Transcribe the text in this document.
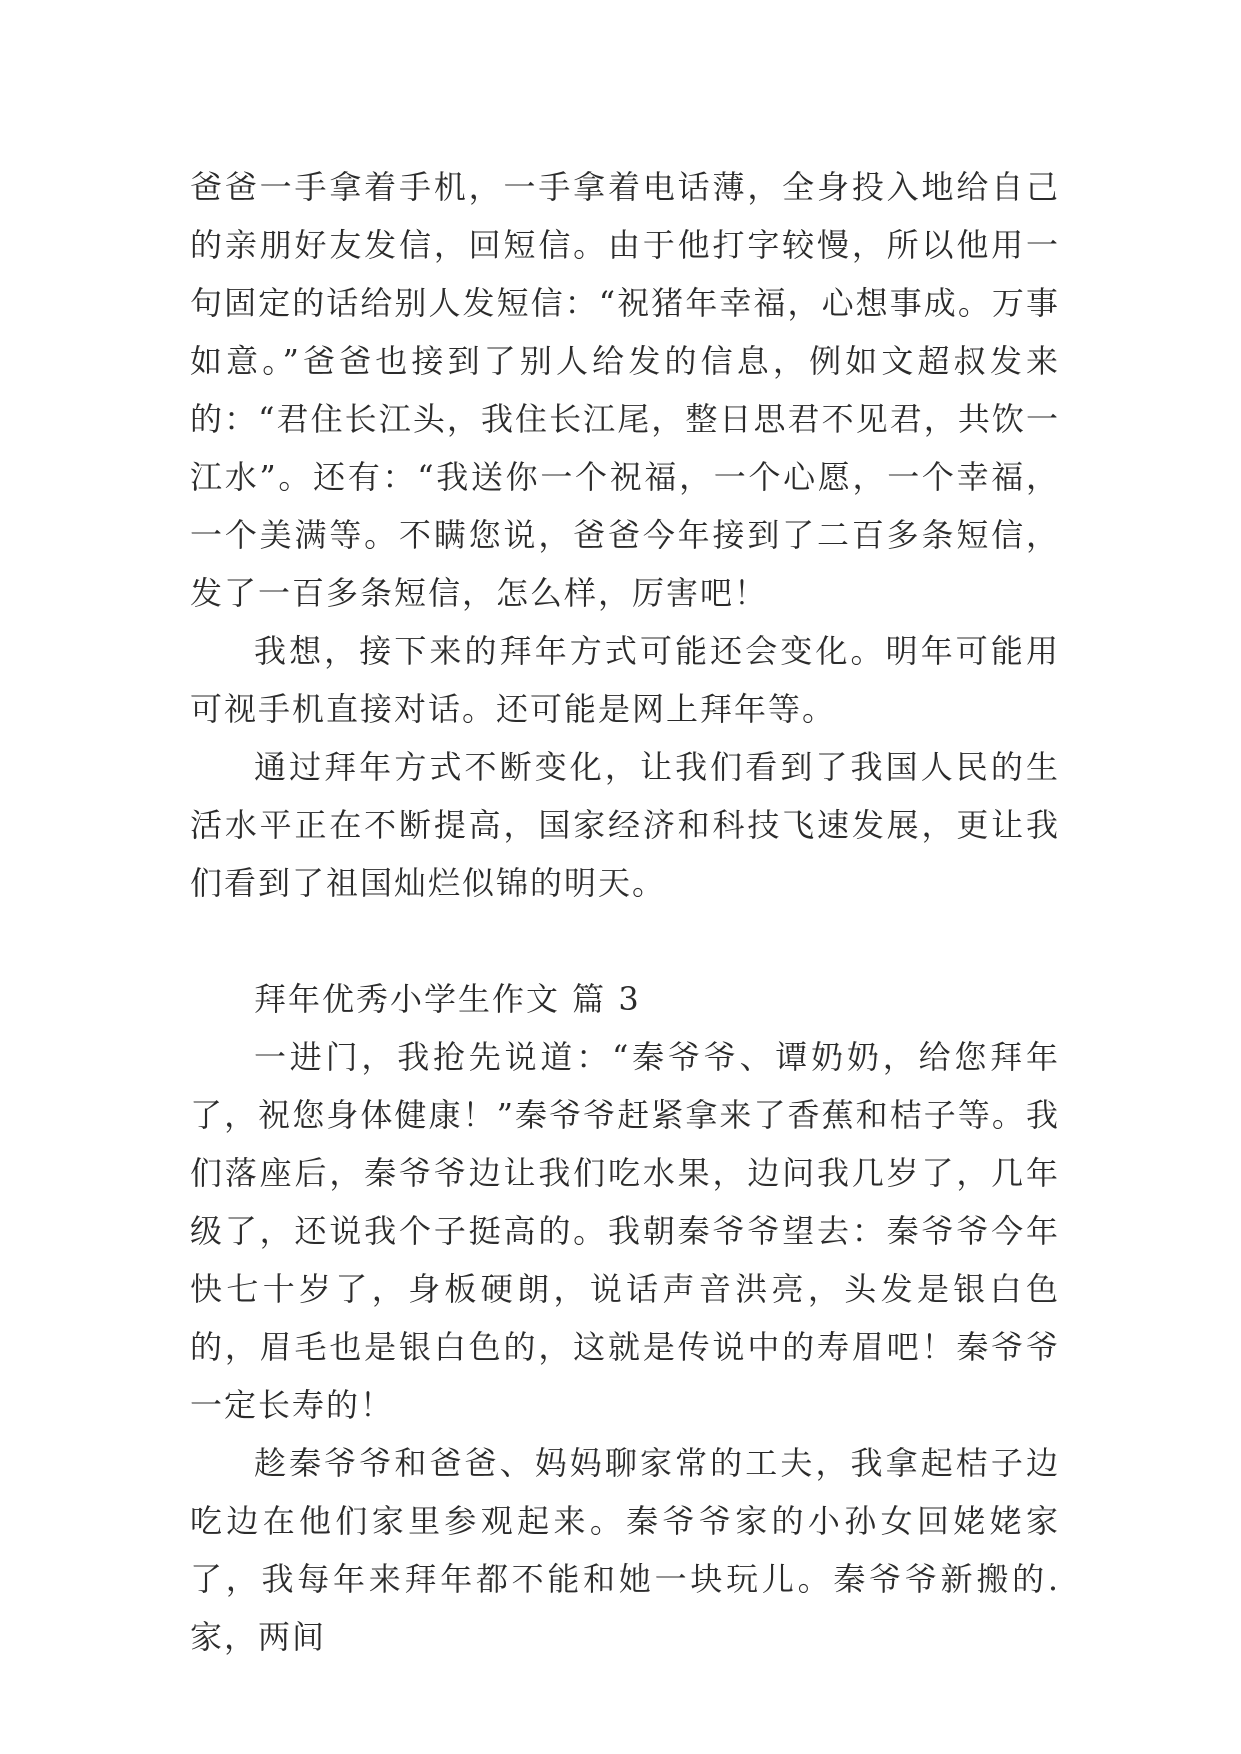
爸爸一手拿着手机，一手拿着电话薄，全身投入地给自己的亲朋好友发信，回短信。由于他打字较慢，所以他用一句固定的话给别人发短信：“祝猪年幸福，心想事成。万事如意。”爸爸也接到了别人给发的信息，例如文超叔发来的：“君住长江头，我住长江尾，整日思君不见君，共饮一江水”。还有：“我送你一个祝福，一个心愿，一个幸福，一个美满等。不瞒您说，爸爸今年接到了二百多条短信，发了一百多条短信，怎么样，厉害吧！

我想，接下来的拜年方式可能还会变化。明年可能用可视手机直接对话。还可能是网上拜年等。

通过拜年方式不断变化，让我们看到了我国人民的生活水平正在不断提高，国家经济和科技飞速发展，更让我们看到了祖国灿烂似锦的明天。

拜年优秀小学生作文 篇 3

一进门，我抢先说道：“秦爷爷、谭奶奶，给您拜年了，祝您身体健康！”秦爷爷赶紧拿来了香蕉和桔子等。我们落座后，秦爷爷边让我们吃水果，边问我几岁了，几年级了，还说我个子挺高的。我朝秦爷爷望去：秦爷爷今年快七十岁了，身板硬朗，说话声音洪亮，头发是银白色的，眉毛也是银白色的，这就是传说中的寿眉吧！秦爷爷一定长寿的！

趁秦爷爷和爸爸、妈妈聊家常的工夫，我拿起桔子边吃边在他们家里参观起来。秦爷爷家的小孙女回姥姥家了，我每年来拜年都不能和她一块玩儿。秦爷爷新搬的.家，两间
